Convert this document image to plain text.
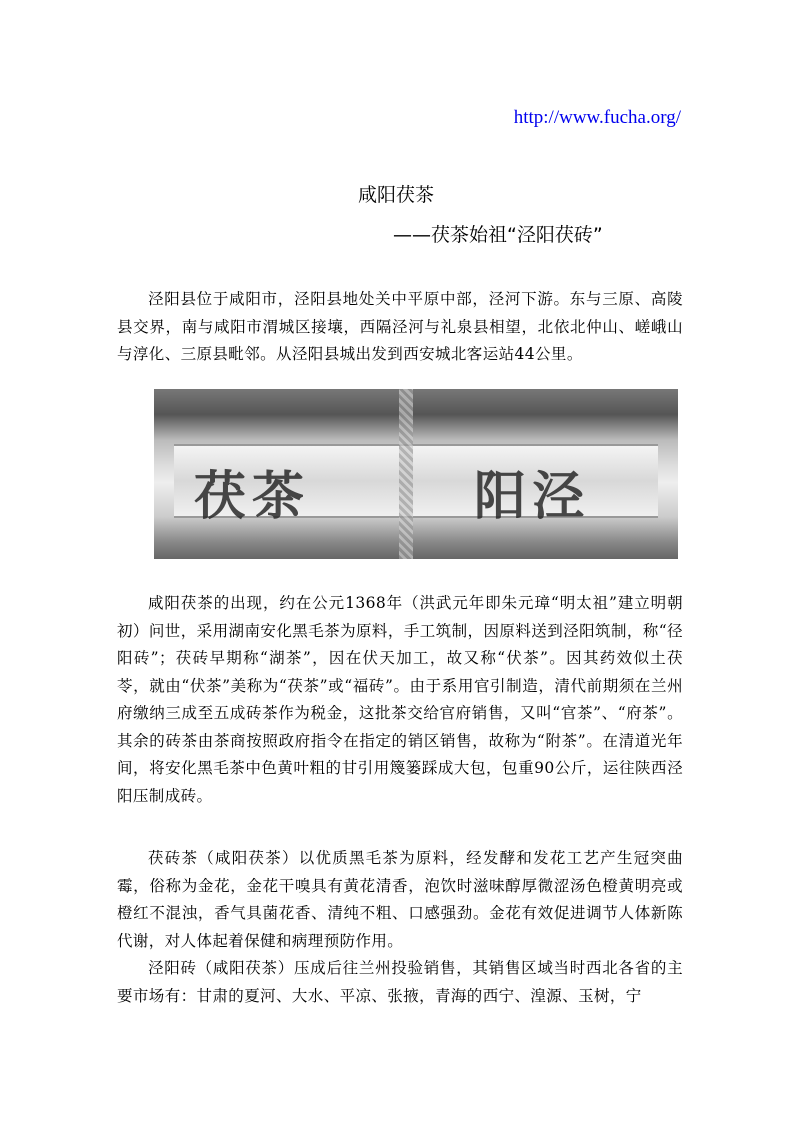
http://www.fucha.org/
咸阳茯茶
——茯茶始祖“泾阳茯砖”

泾阳县位于咸阳市，泾阳县地处关中平原中部，泾河下游。东与三原、高陵县交界，南与咸阳市渭城区接壤，西隔泾河与礼泉县相望，北依北仲山、嵯峨山与淳化、三原县毗邻。从泾阳县城出发到西安城北客运站44公里。

茯茶	阳泾

咸阳茯茶的出现，约在公元1368年（洪武元年即朱元璋“明太祖”建立明朝初）问世，采用湖南安化黑毛茶为原料，手工筑制，因原料送到泾阳筑制，称“径阳砖”；茯砖早期称“湖茶”，因在伏天加工，故又称“伏茶”。因其药效似土茯苓，就由“伏茶”美称为“茯茶”或“福砖”。由于系用官引制造，清代前期须在兰州府缴纳三成至五成砖茶作为税金，这批茶交给官府销售，又叫“官茶”、“府茶”。其余的砖茶由茶商按照政府指令在指定的销区销售，故称为“附茶”。在清道光年间，将安化黑毛茶中色黄叶粗的甘引用篾篓踩成大包，包重90公斤，运往陕西泾阳压制成砖。

茯砖茶（咸阳茯茶）以优质黑毛茶为原料，经发酵和发花工艺产生冠突曲霉，俗称为金花，金花干嗅具有黄花清香，泡饮时滋味醇厚微涩汤色橙黄明亮或橙红不混浊，香气具菌花香、清纯不粗、口感强劲。金花有效促进调节人体新陈代谢，对人体起着保健和病理预防作用。

泾阳砖（咸阳茯茶）压成后往兰州投验销售，其销售区域当时西北各省的主要市场有：甘肃的夏河、大水、平凉、张掖，青海的西宁、湟源、玉树，宁
